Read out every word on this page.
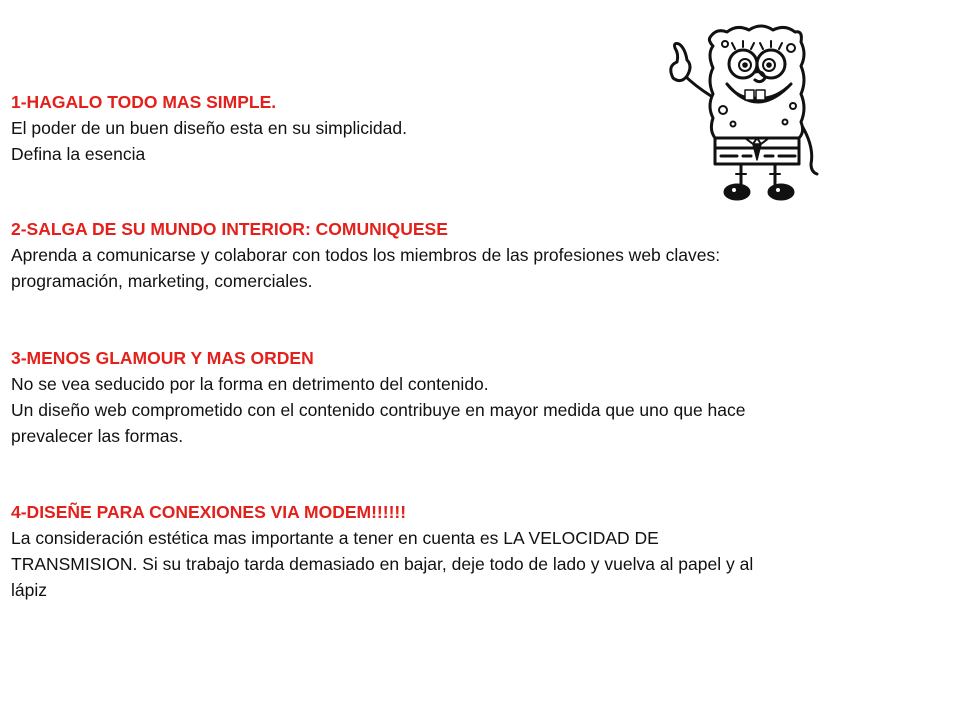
1-HAGALO TODO MAS SIMPLE.
El poder de un buen diseño esta en su simplicidad.
Defina la esencia
2-SALGA DE SU MUNDO INTERIOR: COMUNIQUESE
Aprenda a comunicarse y colaborar con todos los miembros de las profesiones web claves:
programación, marketing, comerciales.
3-MENOS GLAMOUR Y MAS ORDEN
No se vea seducido por la forma en detrimento del contenido.
Un diseño web comprometido con el contenido contribuye en mayor medida que uno que hace
prevalecer las formas.
4-DISEÑE PARA CONEXIONES VIA MODEM!!!!!!
La consideración estética mas importante a tener en cuenta es LA VELOCIDAD DE
TRANSMISION. Si su trabajo tarda demasiado en bajar, deje todo de lado y vuelva al papel y al
lápiz
